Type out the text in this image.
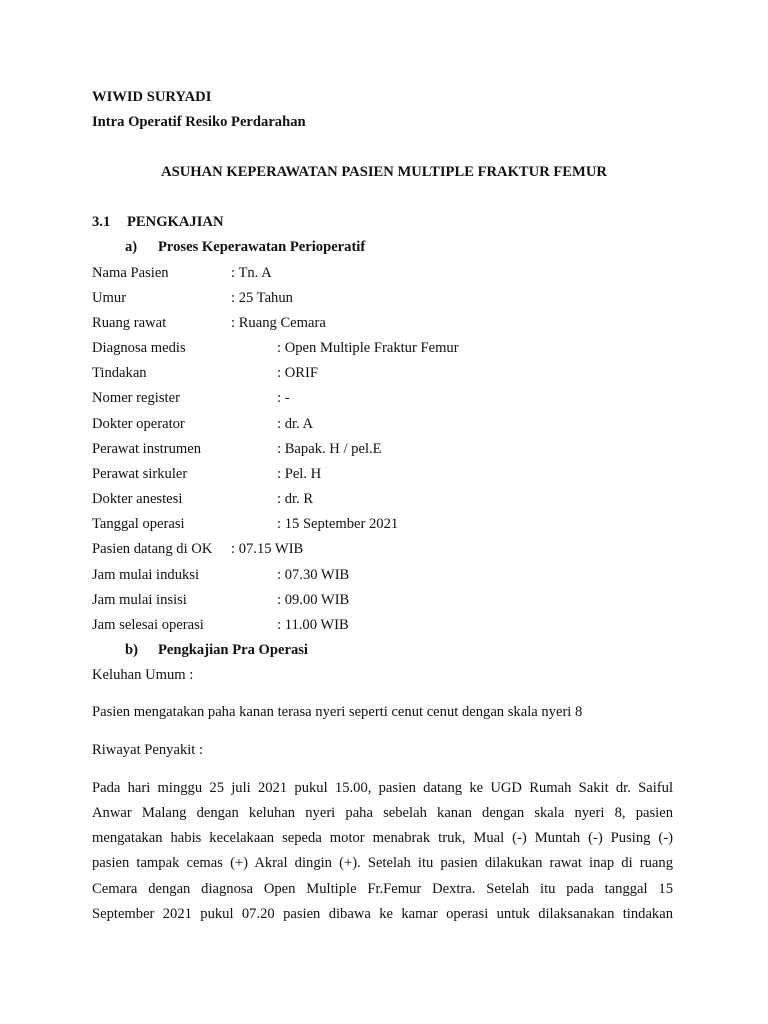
WIWID SURYADI
Intra Operatif Resiko Perdarahan
ASUHAN KEPERAWATAN PASIEN MULTIPLE FRAKTUR FEMUR
3.1 PENGKAJIAN
a) Proses Keperawatan Perioperatif
Nama Pasien	: Tn. A
Umur	: 25 Tahun
Ruang rawat	: Ruang Cemara
Diagnosa medis	: Open Multiple Fraktur Femur
Tindakan	: ORIF
Nomer register	: -
Dokter operator	: dr. A
Perawat instrumen	: Bapak. H / pel.E
Perawat sirkuler	: Pel. H
Dokter anestesi	: dr. R
Tanggal operasi	: 15 September 2021
Pasien datang di OK : 07.15 WIB
Jam mulai induksi	: 07.30 WIB
Jam mulai insisi	: 09.00 WIB
Jam selesai operasi	: 11.00 WIB
b) Pengkajian Pra Operasi
Keluhan Umum :
Pasien mengatakan paha kanan terasa nyeri seperti cenut cenut dengan skala nyeri 8
Riwayat Penyakit :
Pada hari minggu 25 juli 2021 pukul 15.00, pasien datang ke UGD Rumah Sakit dr. Saiful
Anwar Malang dengan keluhan nyeri paha sebelah kanan dengan skala nyeri 8, pasien
mengatakan habis kecelakaan sepeda motor menabrak truk, Mual (-) Muntah (-) Pusing (-)
pasien tampak cemas (+) Akral dingin (+). Setelah itu pasien dilakukan rawat inap di ruang
Cemara dengan diagnosa Open Multiple Fr.Femur Dextra. Setelah itu pada tanggal 15
September 2021 pukul 07.20 pasien dibawa ke kamar operasi untuk dilaksanakan tindakan
